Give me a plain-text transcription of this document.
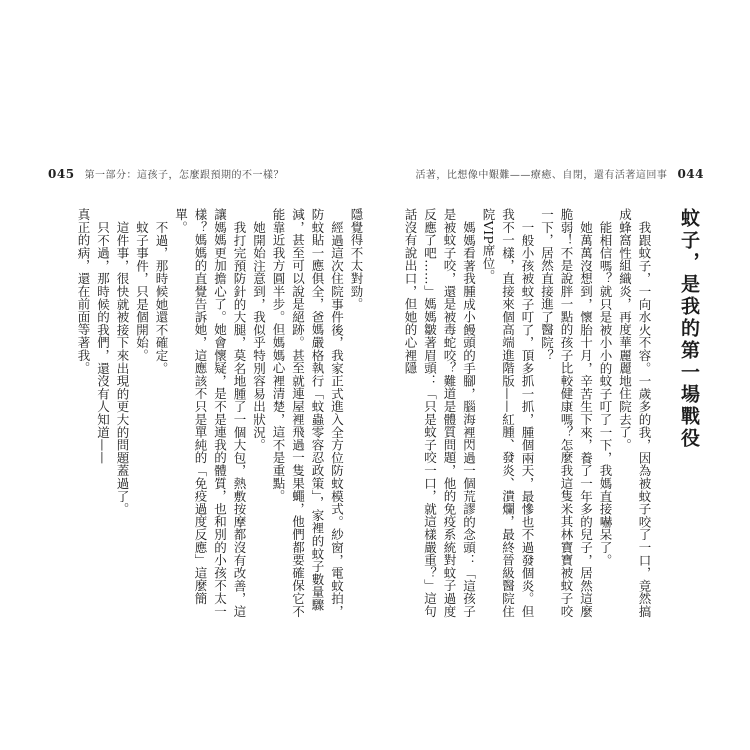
045 第一部分：這孩子，怎麼跟預期的不一樣？

隱覺得不太對勁。

經過這次住院事件後，我家正式進入全方位防蚊模式。紗窗，電蚊拍，防蚊貼一應俱全，爸媽嚴格執行「蚊蟲零容忍政策」，家裡的蚊子數量驟減，甚至可以說是絕跡。甚至就連屋裡飛過一隻果蠅，他們都要確保它不能靠近我方圓半步。但媽媽心裡清楚，這不是重點。

她開始注意到，我似乎特別容易出狀況。

我打完預防針的大腿，莫名地腫了一個大包，熱敷按摩都沒有改善，這讓媽媽更加擔心了。她會懷疑，是不是連我的體質，也和別的小孩不太一樣？媽媽的直覺告訴她，這應該不只是單純的「免疫過度反應」這麼簡單。

不過，那時候她還不確定。

蚊子事件，只是個開始。

這件事，很快就被接下來出現的更大的問題蓋過了。

只不過，那時候的我們，還沒有人知道——

真正的病，還在前面等著我。

活著，比想像中艱難——療癒、自閉，還有活著這回事 044
蚊子，是我的第一場戰役

我跟蚊子，一向水火不容。一歲多的我，因為被蚊子咬了一口，竟然搞成蜂窩性組織炎，再度華麗麗地住院去了。

能相信嗎？就只是被小小的蚊子叮了一下，我媽直接嚇呆了。

她萬萬沒想到，懷胎十月，辛苦生下來，養了一年多的兒子，居然這麼脆弱！不是說胖一點的孩子比較健康嗎？怎麼我這隻米其林寶寶被蚊子咬一下，居然直接進了醫院？

一般小孩被蚊子叮了，頂多抓一抓，腫個兩天，最慘也不過發個炎。但我不一樣，直接來個高端進階版——紅腫、發炎、潰爛，最終晉級醫院住院VIP席位。

媽媽看著我腫成小饅頭的手腳，腦海裡閃過一個荒謬的念頭：「這孩子是被蚊子咬，還是被毒蛇咬？難道是體質問題，他的免疫系統對蚊子過度反應了吧……」媽媽皺著眉頭：「只是蚊子咬一口，就這樣嚴重？」這句話沒有說出口，但她的心裡隱
